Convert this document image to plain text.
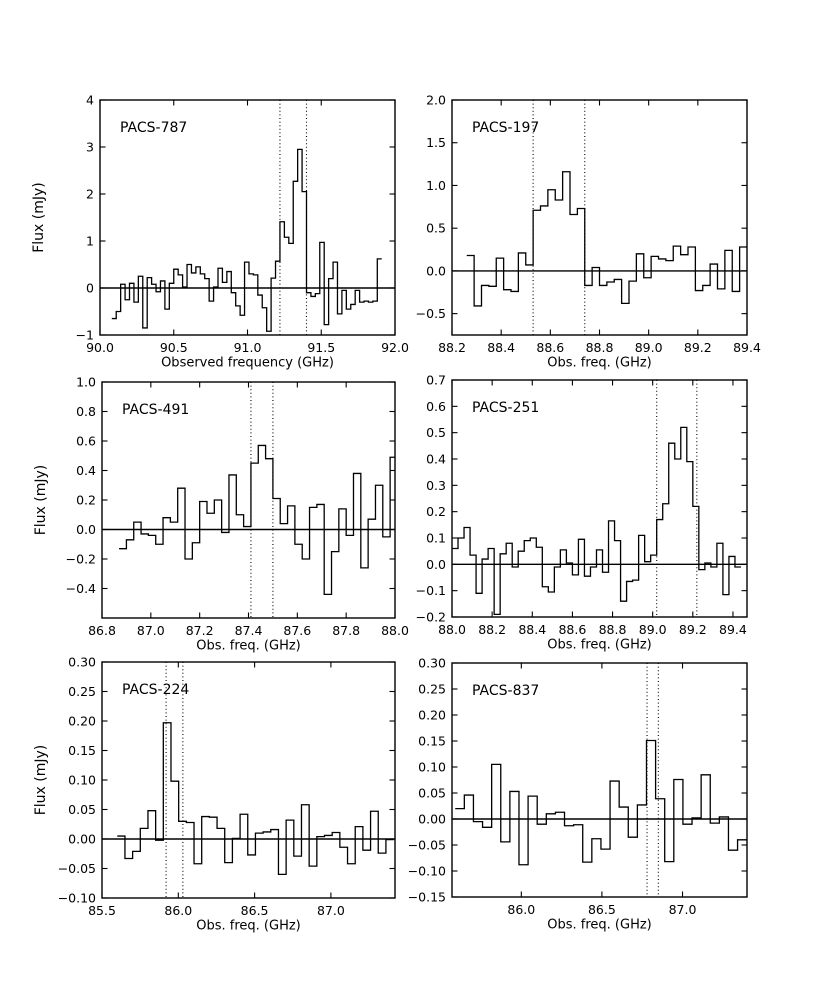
90.0	90.5	91.0	91.5	92.0
−1
0
1
2
3
4
PACS-787
Observed frequency (GHz)
Flux (mJy)
88.2 88.4 88.6 88.8 89.0 89.2 89.4
−0.5
0.0
0.5
1.0
1.5
2.0
PACS-197
Obs. freq. (GHz)
86.8 87.0 87.2 87.4 87.6 87.8 88.0
−0.4
−0.2
0.0
0.2
0.4
0.6
0.8
1.0
PACS-491
Obs. freq. (GHz)
Flux (mJy)
88.0 88.2 88.4 88.6 88.8 89.0 89.2 89.4
−0.2
−0.1
0.0
0.1
0.2
0.3
0.4
0.5
0.6
0.7
PACS-251
Obs. freq. (GHz)
85.5	86.0	86.5	87.0
−0.10
−0.05
0.00
0.05
0.10
0.15
0.20
0.25
0.30
PACS-224
Obs. freq. (GHz)
Flux (mJy)
86.0	86.5	87.0
−0.15
−0.10
−0.05
0.00
0.05
0.10
0.15
0.20
0.25
0.30
PACS-837
Obs. freq. (GHz)
